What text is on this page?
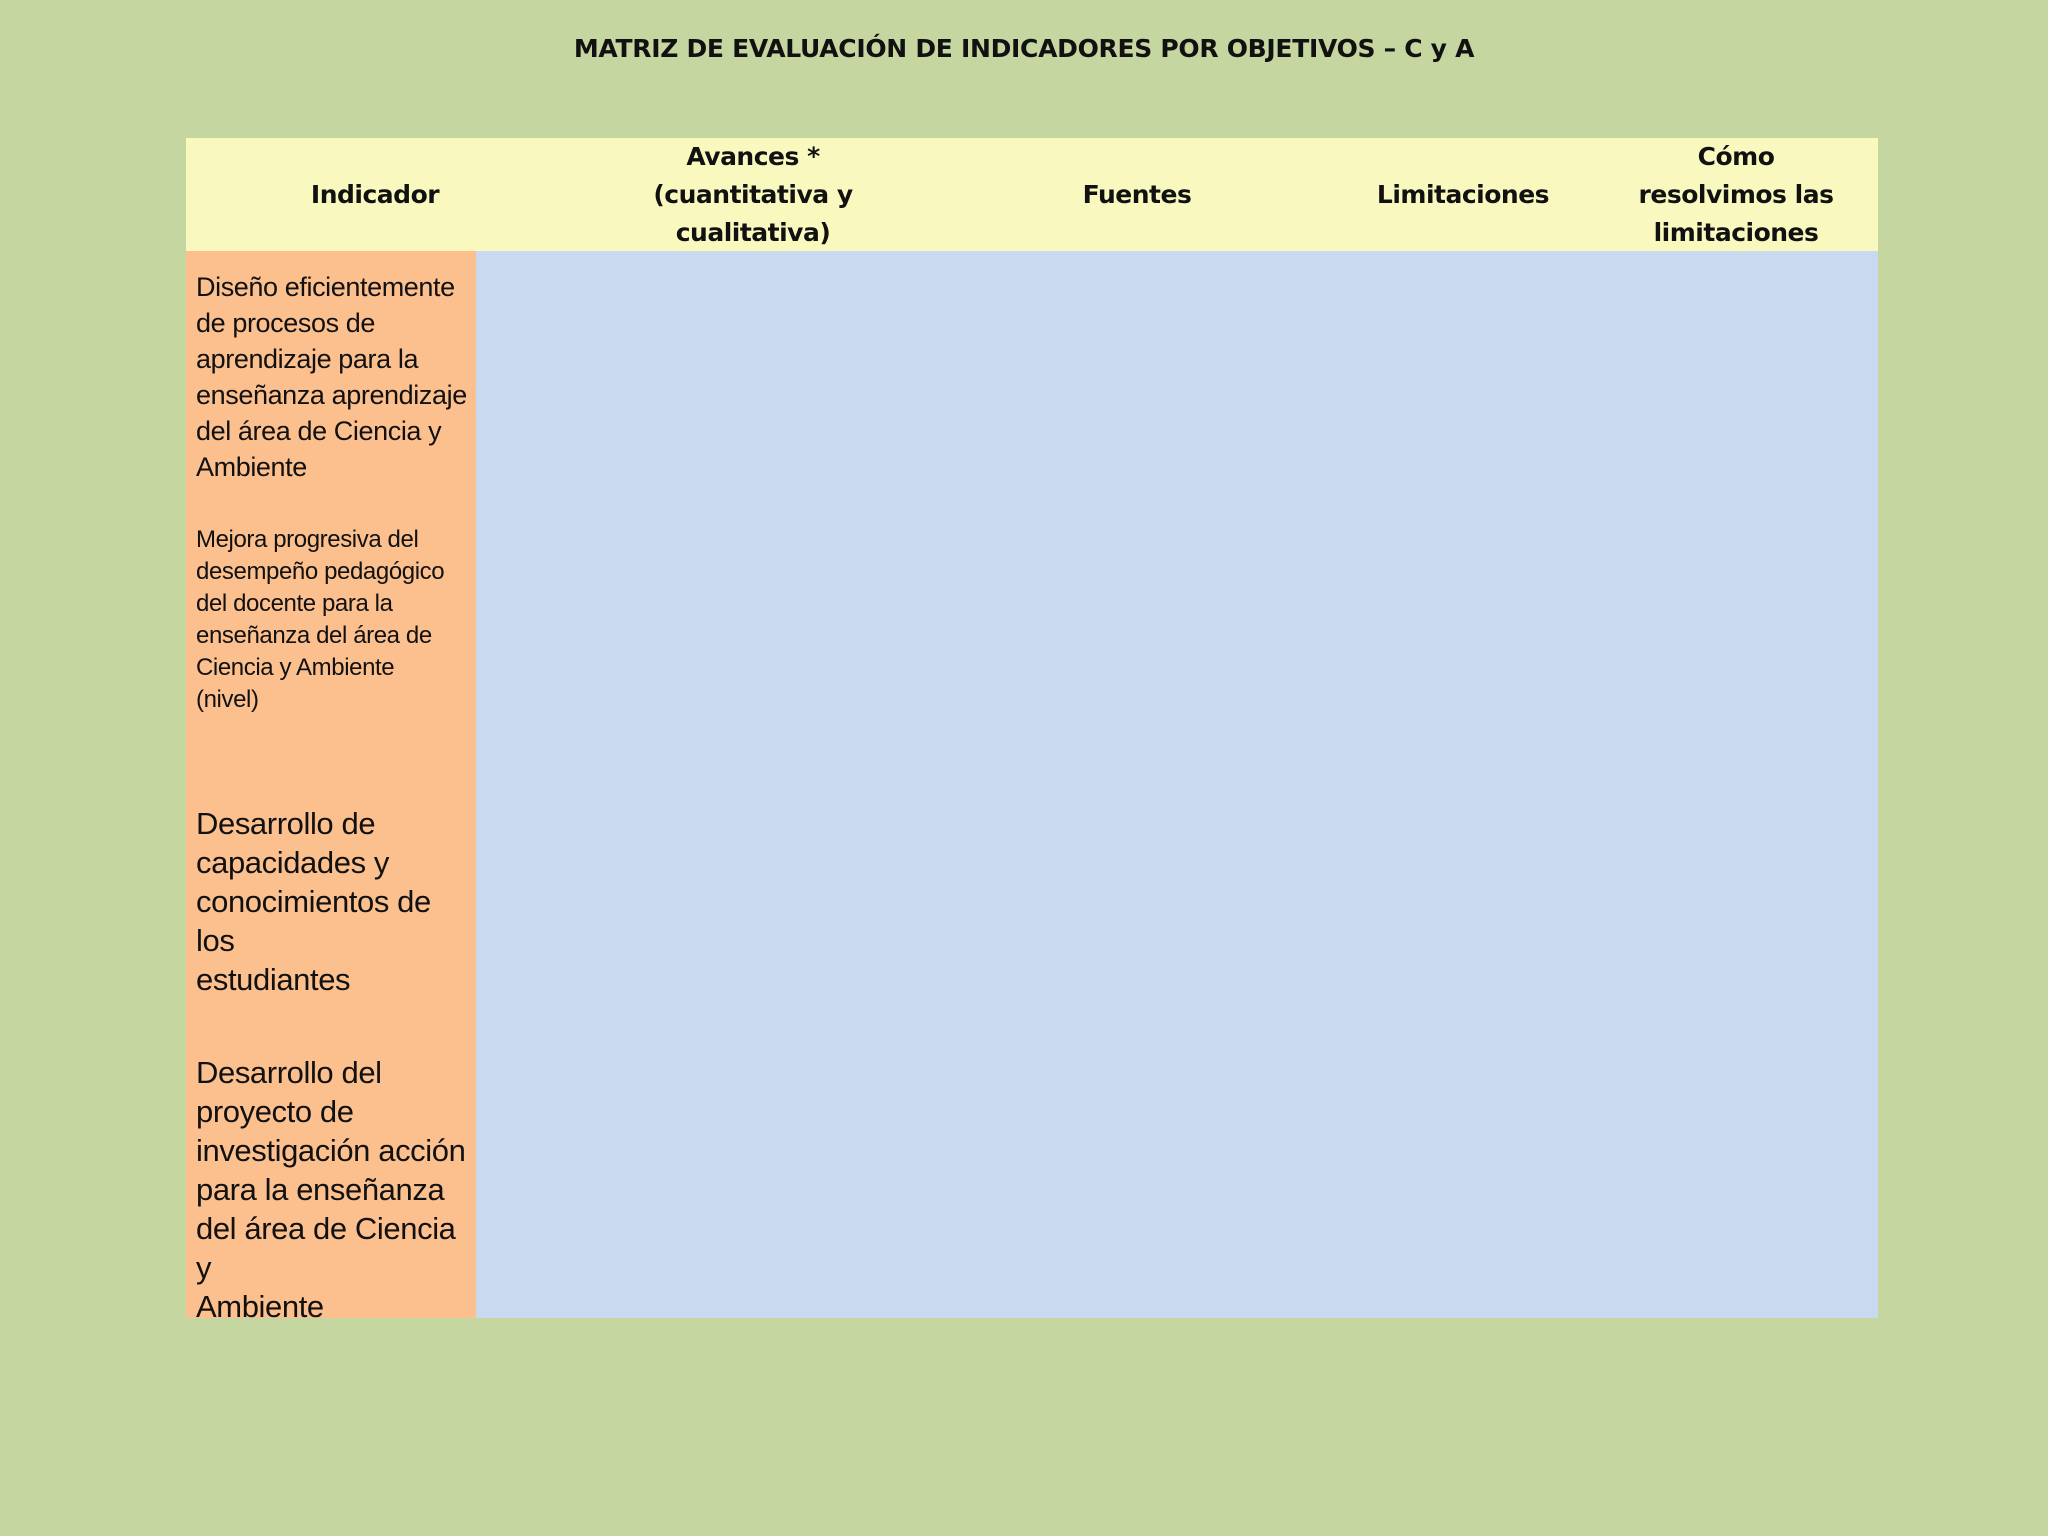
MATRIZ DE EVALUACIÓN DE INDICADORES POR OBJETIVOS – C y A
Indicador
Avances *
(cuantitativa y
cualitativa)
Fuentes	Limitaciones
Cómo
resolvimos las
limitaciones
Diseño eficientemente
de procesos de
aprendizaje para la
enseñanza aprendizaje
del área de Ciencia y
Ambiente
Mejora progresiva del
desempeño pedagógico
del docente para la
enseñanza del área de
Ciencia y Ambiente
(nivel)
Desarrollo de
capacidades y
conocimientos de los
estudiantes
Desarrollo del
proyecto de
investigación acción
para la enseñanza
del área de Ciencia y
Ambiente
